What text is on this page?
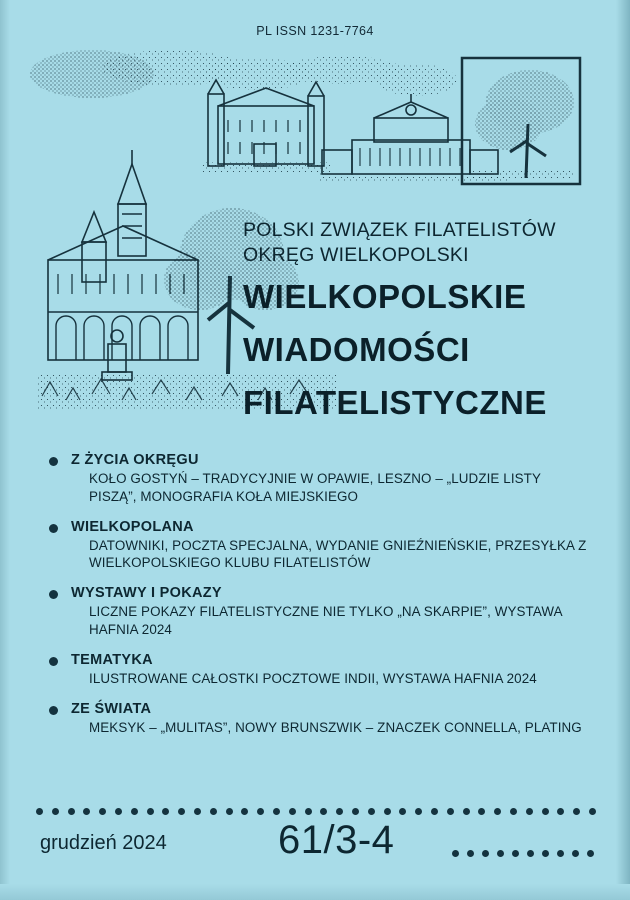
PL ISSN 1231-7764
POLSKI ZWIĄZEK FILATELISTÓW
OKRĘG WIELKOPOLSKI
WIELKOPOLSKIE
WIADOMOŚCI
FILATELISTYCZNE
Z ŻYCIA OKRĘGU
KOŁO GOSTYŃ – TRADYCYJNIE W OPAWIE, LESZNO – „LUDZIE LISTY PISZĄ”, MONOGRAFIA KOŁA MIEJSKIEGO
WIELKOPOLANA
DATOWNIKI, POCZTA SPECJALNA, WYDANIE GNIEŹNIEŃSKIE, PRZESYŁKA Z WIELKOPOLSKIEGO KLUBU FILATELISTÓW
WYSTAWY I POKAZY
LICZNE POKAZY FILATELISTYCZNE NIE TYLKO „NA SKARPIE”, WYSTAWA HAFNIA 2024
TEMATYKA
ILUSTROWANE CAŁOSTKI POCZTOWE INDII, WYSTAWA HAFNIA 2024
ZE ŚWIATA
MEKSYK – „MULITAS”, NOWY BRUNSZWIK – ZNACZEK CONNELLA, PLATING
grudzień 2024	61/3-4
